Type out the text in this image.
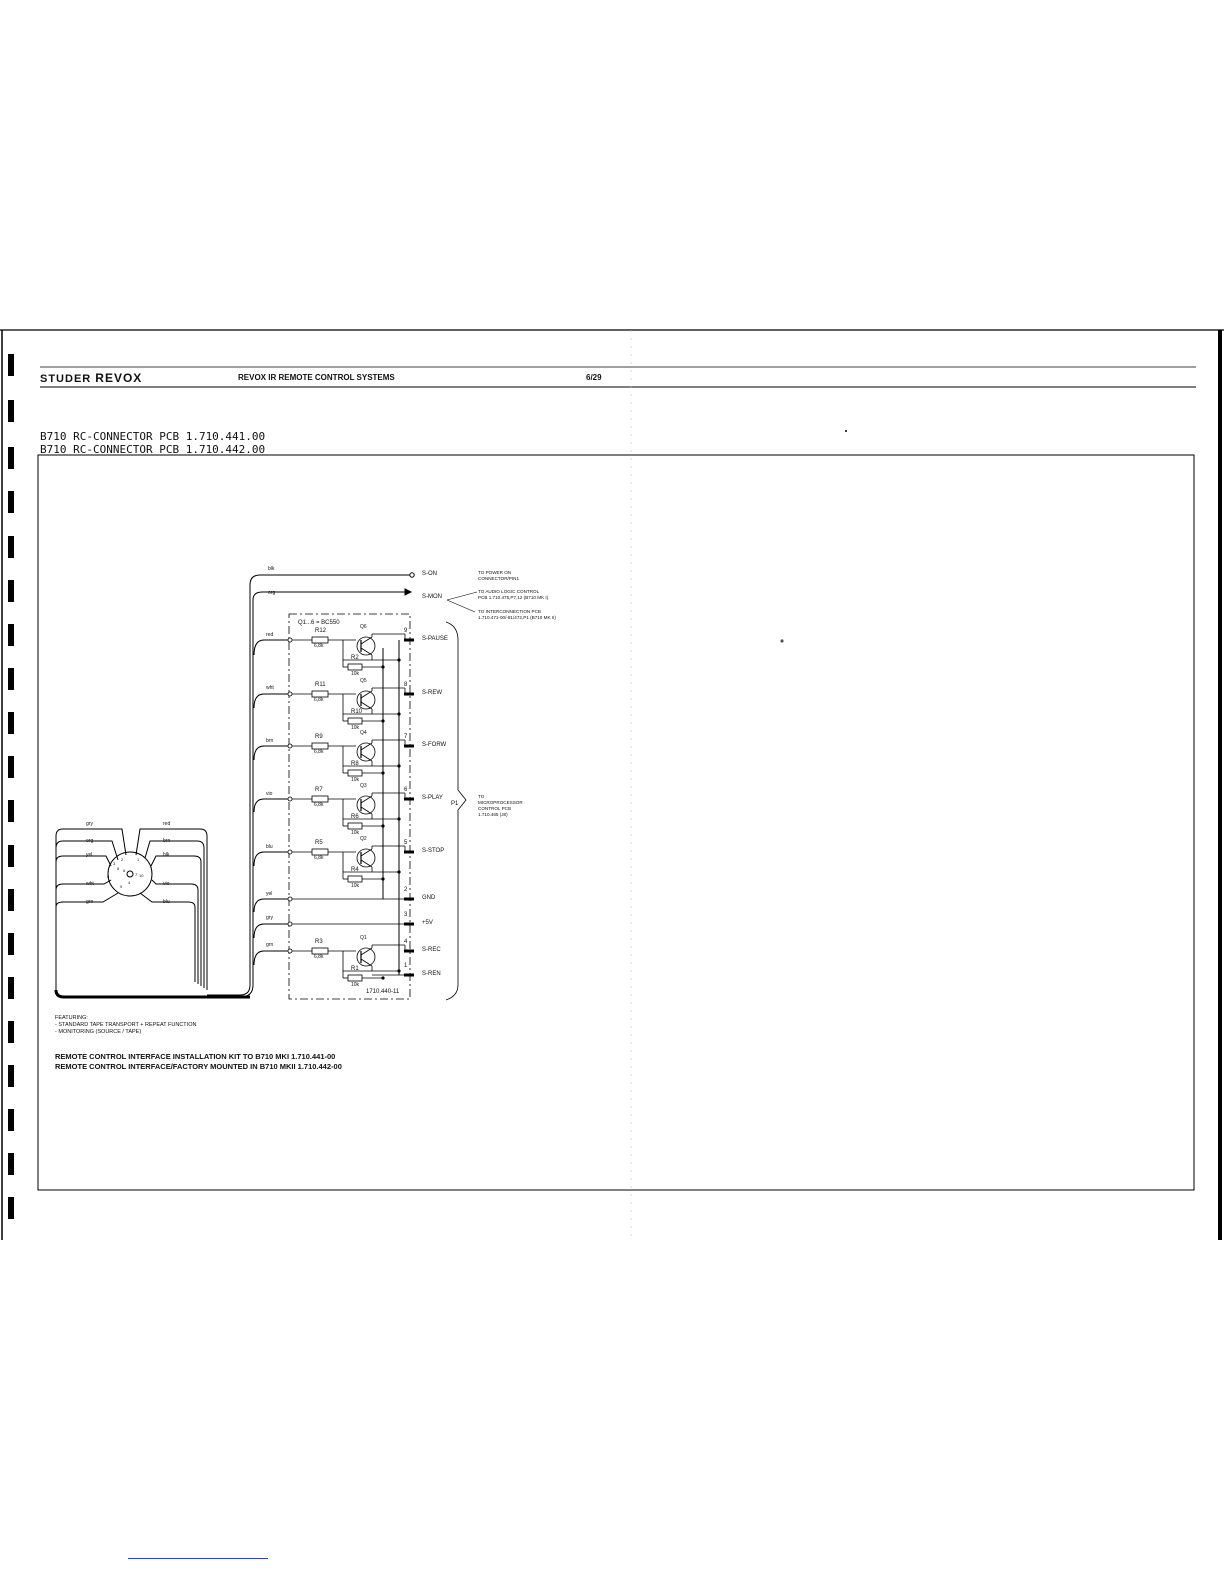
STUDER REVOX	REVOX IR REMOTE CONTROL SYSTEMS	6/29
B710 RC-CONNECTOR PCB 1.710.441.00
B710 RC-CONNECTOR PCB 1.710.442.00
S-ON
blk
S-MON
org
S-PAUSE
red
9
R12
6,8k
Q6
R2
10k
S-REW
wht	8
R11
6,8k
Q5
R10
10k
S-FORW
brn
7
R9
6,8k
Q4
R8
10k
S-PLAY
vio
6
R7
6,8k
Q3
R6
10k
S-STOP
blu
5
R5
6,8k
Q2
R4
10k
GND
yel
2
+5V
gry	3
S-REC
grn	4
R3
6,8k
Q1
R1
10k
S-REN
1
Q1...6 = BC550
1710.440-11
P1
TO POWER ON
CONNECTOR/PIN1
TO AUDIO LOGIC CONTROL
PCB 1.710.475,P7,12 (B710 MK I)
TO INTERCONNECTION PCB
1.710.471-00/-81/472,P1 (B710 MK II)
TO
MICROPROCESSOR
CONTROL PCB
1.710.465 (J8)
gry
org
yel
wht
grn
red
brn
blk
vio
blu
2
3
5
8
1
6
7
4
9
10
FEATURING:
- STANDARD TAPE TRANSPORT + REPEAT FUNCTION
- MONITORING (SOURCE / TAPE)
REMOTE CONTROL INTERFACE INSTALLATION KIT TO B710 MKI 1.710.441-00
REMOTE CONTROL INTERFACE/FACTORY MOUNTED IN B710 MKII 1.710.442-00
